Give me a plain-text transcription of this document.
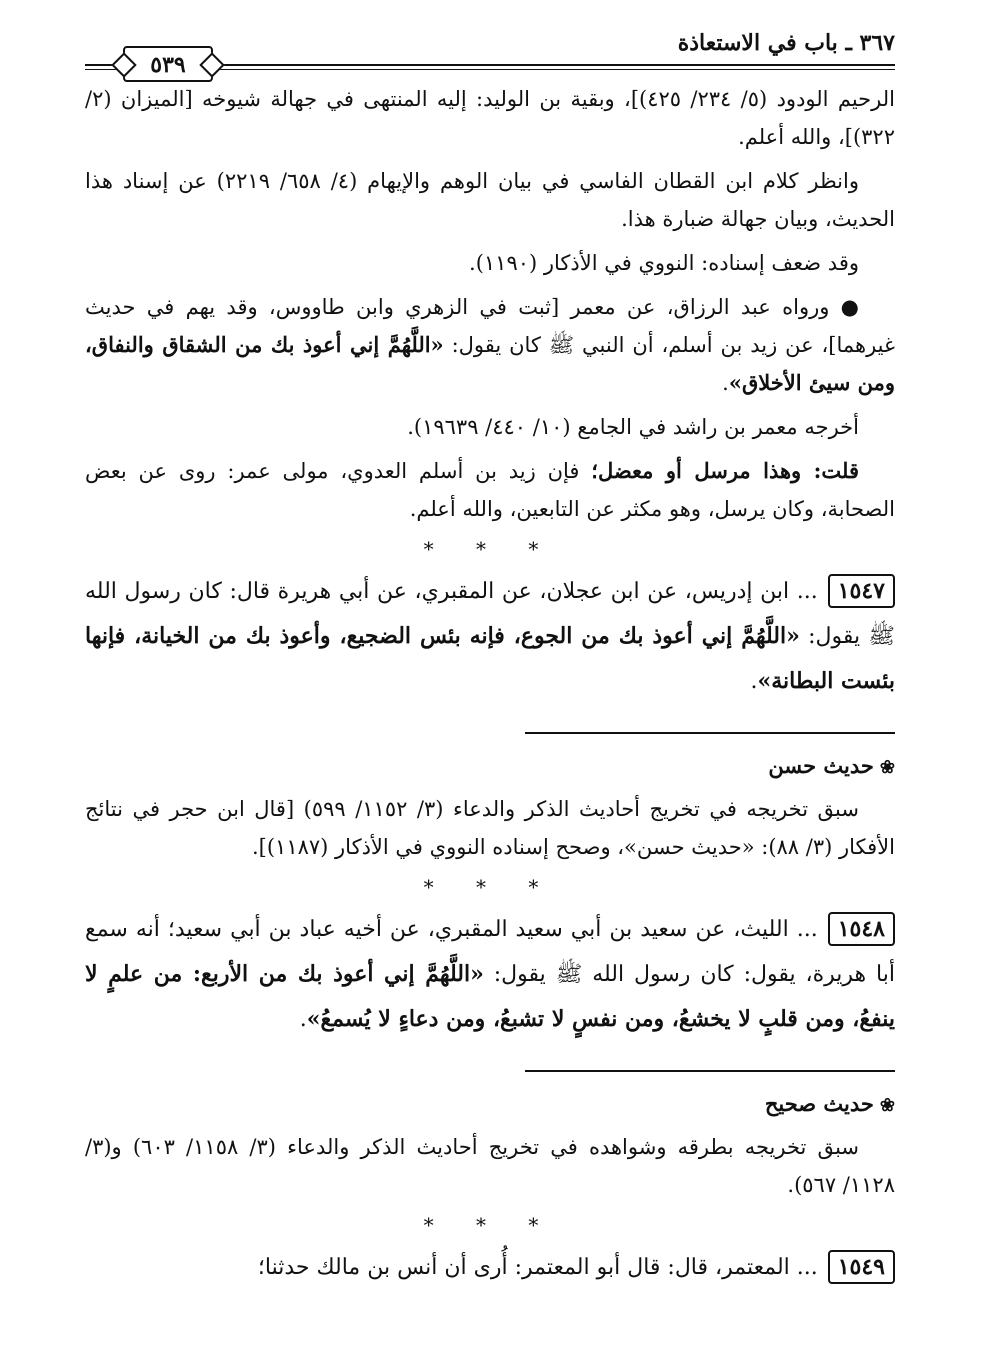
٣٦٧ ـ باب في الاستعاذة
٥٣٩

الرحيم الودود (٥/ ٢٣٤/ ٤٢٥)]، وبقية بن الوليد: إليه المنتهى في جهالة شيوخه [الميزان (٢/ ٣٢٢)]، والله أعلم.

وانظر كلام ابن القطان الفاسي في بيان الوهم والإيهام (٤/ ٦٥٨/ ٢٢١٩) عن إسناد هذا الحديث، وبيان جهالة ضبارة هذا.

وقد ضعف إسناده: النووي في الأذكار (١١٩٠).

● ورواه عبد الرزاق، عن معمر [ثبت في الزهري وابن طاووس، وقد يهم في حديث غيرهما]، عن زيد بن أسلم، أن النبي ﷺ كان يقول: «اللَّهُمَّ إني أعوذ بك من الشقاق والنفاق، ومن سيئ الأخلاق».

أخرجه معمر بن راشد في الجامع (١٠/ ٤٤٠/ ١٩٦٣٩).

قلت: وهذا مرسل أو معضل؛ فإن زيد بن أسلم العدوي، مولى عمر: روى عن بعض الصحابة، وكان يرسل، وهو مكثر عن التابعين، والله أعلم.

* * *

١٥٤٧... ابن إدريس، عن ابن عجلان، عن المقبري، عن أبي هريرة قال: كان رسول الله ﷺ يقول: «اللَّهُمَّ إني أعوذ بك من الجوع، فإنه بئس الضجيع، وأعوذ بك من الخيانة، فإنها بئست البطانة».

❀حديث حسن

سبق تخريجه في تخريج أحاديث الذكر والدعاء (٣/ ١١٥٢/ ٥٩٩) [قال ابن حجر في نتائج الأفكار (٣/ ٨٨): «حديث حسن»، وصحح إسناده النووي في الأذكار (١١٨٧)].

* * *

١٥٤٨... الليث، عن سعيد بن أبي سعيد المقبري، عن أخيه عباد بن أبي سعيد؛ أنه سمع أبا هريرة، يقول: كان رسول الله ﷺ يقول: «اللَّهُمَّ إني أعوذ بك من الأربع: من علمٍ لا ينفعُ، ومن قلبٍ لا يخشعُ، ومن نفسٍ لا تشبعُ، ومن دعاءٍ لا يُسمعُ».

❀حديث صحيح

سبق تخريجه بطرقه وشواهده في تخريج أحاديث الذكر والدعاء (٣/ ١١٥٨/ ٦٠٣) و(٣/ ١١٢٨/ ٥٦٧).

* * *

١٥٤٩... المعتمر، قال: قال أبو المعتمر: أُرى أن أنس بن مالك حدثنا؛
